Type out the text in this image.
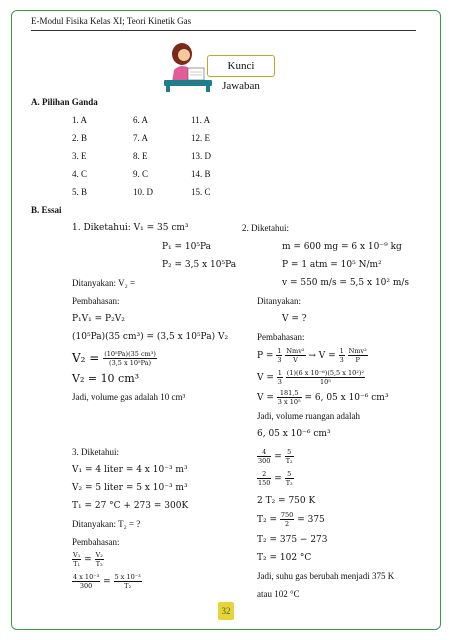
E-Modul Fisika Kelas XI; Teori Kinetik Gas
Kunci Jawaban
A. Pilihan Ganda
1. A
2. B
3. E
4. C
5. B
6. A
7. A
8. E
9. C
10. D
11. A
12. E
13. D
14. B
15. C
B. Essai
1. Diketahui: V₁ = 35 cm³
P₁ = 10⁵Pa
P₂ = 3,5 x 10⁵Pa
Ditanyakan: V₂ =
Pembahasan:
P₁V₁ = P₂V₂
(10⁵Pa)(35 cm³) = (3,5 x 10⁵Pa) V₂
$V_2 = \frac{\text{(10⁵Pa)(35 cm³)}}{\text{(3,5 x 10⁵Pa)}}$
V₂ = 10 cm³
Jadi, volume gas adalah 10 cm³
2. Diketahui:
m = 600 mg = 6 x 10⁻⁹ kg
P = 1 atm = 10⁵ N/m²
v = 550 m/s = 5,5 x 10² m/s
Ditanyakan:
V = ?
Pembahasan:
$P = \frac{1}{3}$
$\frac{\text{Nmv²}}{V} \to V = \frac{1}{3}$
$\frac{\text{Nmv²}}{P}$
$V = \frac{1}{3}$
$\frac{\text{(1)(6 x 10⁻⁶)(5,5 x 10²)²}}{\text{10⁵}}$
$V = \frac{181,5}{\text{3 x 10⁵}} = 6$, 05 x 10⁻⁶ cm³
Jadi, volume ruangan adalah
6, 05 x 10⁻⁶ cm³
3. Diketahui:
V₁ = 4 liter = 4 x 10⁻³ m³
V₂ = 5 liter = 5 x 10⁻³ m³
T₁ = 27 °C + 273 = 300K
Ditanyakan: T₂ = ?
Pembahasan:
$\frac{\text{V₁}}{\text{T₁}} = \frac{\text{V₂}}{\text{T₂}}$
$\frac{\text{4 x 10⁻³}}{300} = \frac{\text{5 x 10⁻³}}{\text{T₂}}$
$\frac{4}{300} = \frac{5}{\text{T₂}}$
$\frac{2}{150} = \frac{5}{\text{T₂}}$
2 T₂ = 750 K
$T_2 = \frac{750}{2} = 375$
T₂ = 375 − 273
T₂ = 102 °C
Jadi, suhu gas berubah menjadi 375 K
atau 102 °C
32
